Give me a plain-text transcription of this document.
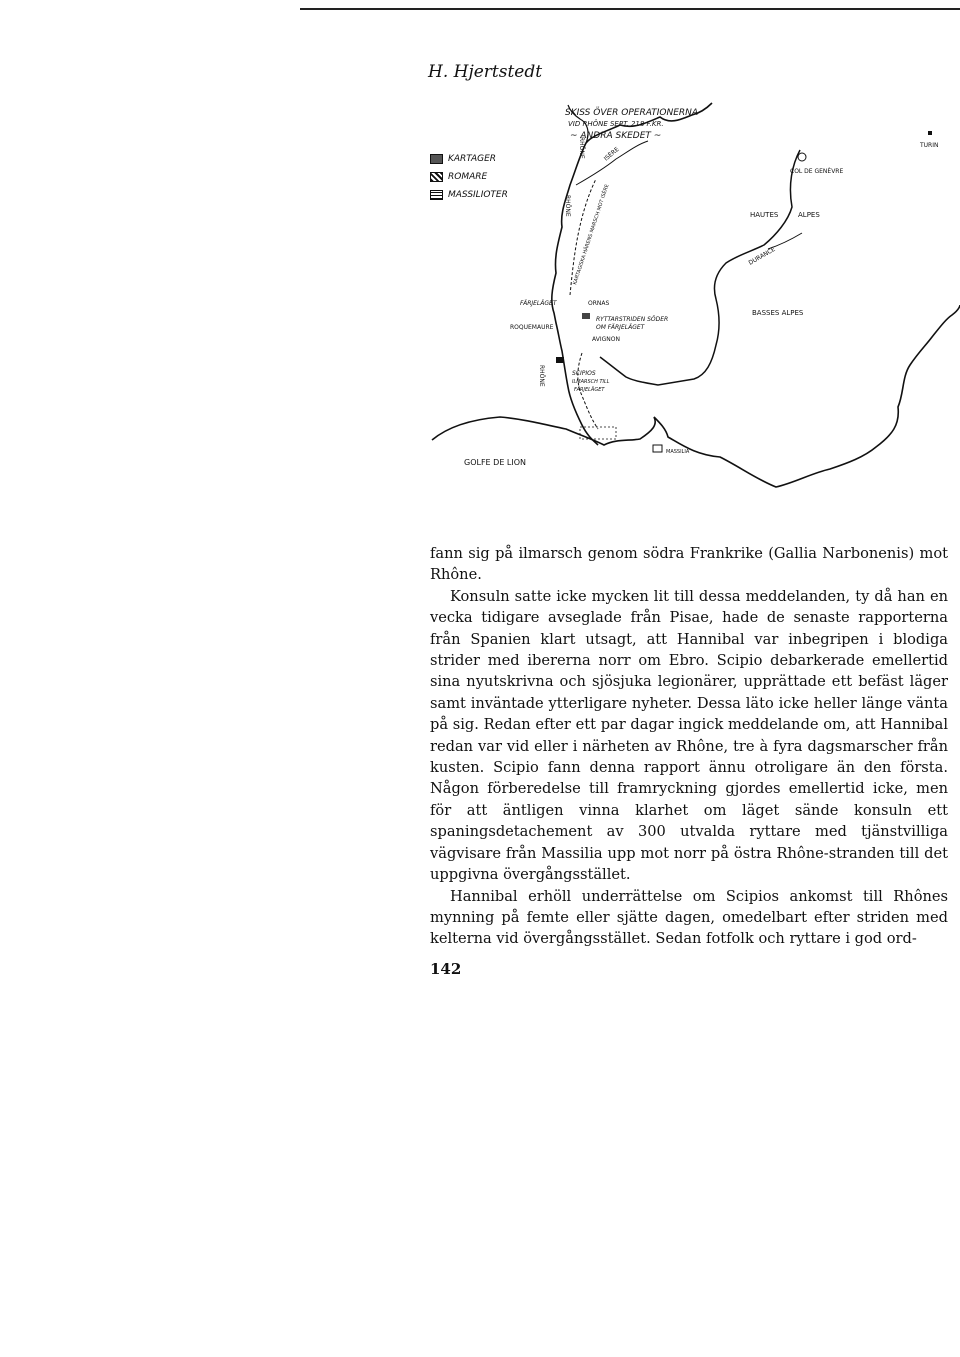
H. Hjertstedt
KARTAGER
ROMARE
MASSILIOTER
SKISS ÖVER OPERATIONERNA
VID RHÔNE SEPT. 218 F.KR.
~ ANDRA SKEDET ~
TURIN
COL DE GENÈVRE
HAUTES	ALPES
BASSES ALPES
DURANCE
ISÈRE
RHÔNE
RHÔNE
RHÔNE
KARTAGISKA HÄRENS MARSCH MOT ISÈRE
FÄRJELÄGET	ORNAS
ROQUEMAURE
RYTTARSTRIDEN SÖDER
OM FÄRJELÄGET
AVIGNON
SCIPIOS
ILMARSCH TILL
FÄRJELÄGET
GOLFE DE LION
MASSILIA

fann sig på ilmarsch genom södra Frankrike (Gallia Narbonenis) mot Rhône.

Konsuln satte icke mycken lit till dessa meddelanden, ty då han en vecka tidigare avseglade från Pisae, hade de senaste rapporterna från Spanien klart utsagt, att Hannibal var inbegripen i blodiga strider med ibererna norr om Ebro. Scipio debarkerade emellertid sina nyutskrivna och sjösjuka legionärer, upprättade ett befäst läger samt inväntade ytterligare nyheter. Dessa läto icke heller länge vänta på sig. Redan efter ett par dagar ingick meddelande om, att Hannibal redan var vid eller i närheten av Rhône, tre à fyra dagsmarscher från kusten. Scipio fann denna rapport ännu otroligare än den första. Någon förberedelse till framryckning gjordes emellertid icke, men för att äntligen vinna klarhet om läget sände konsuln ett spaningsdetachement av 300 utvalda ryttare med tjänstvilliga vägvisare från Massilia upp mot norr på östra Rhône-stranden till det uppgivna övergångsstället.

Hannibal erhöll underrättelse om Scipios ankomst till Rhônes mynning på femte eller sjätte dagen, omedelbart efter striden med kelterna vid övergångsstället. Sedan fotfolk och ryttare i god ord-

142
